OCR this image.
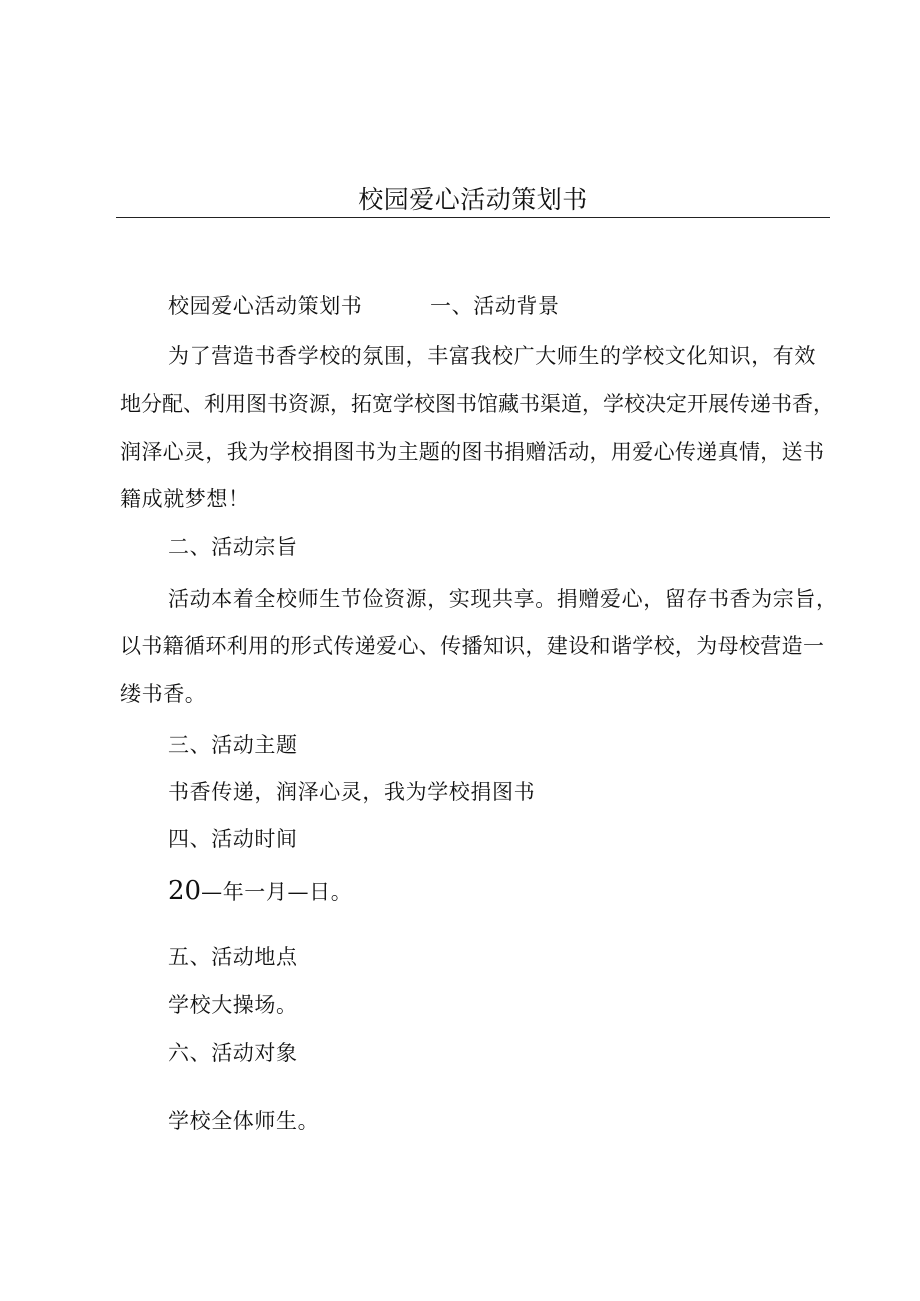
校园爱心活动策划书
校园爱心活动策划书	一、活动背景
为了营造书香学校的氛围，丰富我校广大师生的学校文化知识，有效
地分配、利用图书资源，拓宽学校图书馆藏书渠道，学校决定开展传递书香，
润泽心灵，我为学校捐图书为主题的图书捐赠活动，用爱心传递真情，送书
籍成就梦想！
二、活动宗旨
活动本着全校师生节俭资源，实现共享。捐赠爱心，留存书香为宗旨，
以书籍循环利用的形式传递爱心、传播知识，建设和谐学校，为母校营造一
缕书香。
三、活动主题
书香传递，润泽心灵，我为学校捐图书
四、活动时间
20—年一月—日。
五、活动地点
学校大操场。
六、活动对象
学校全体师生。
